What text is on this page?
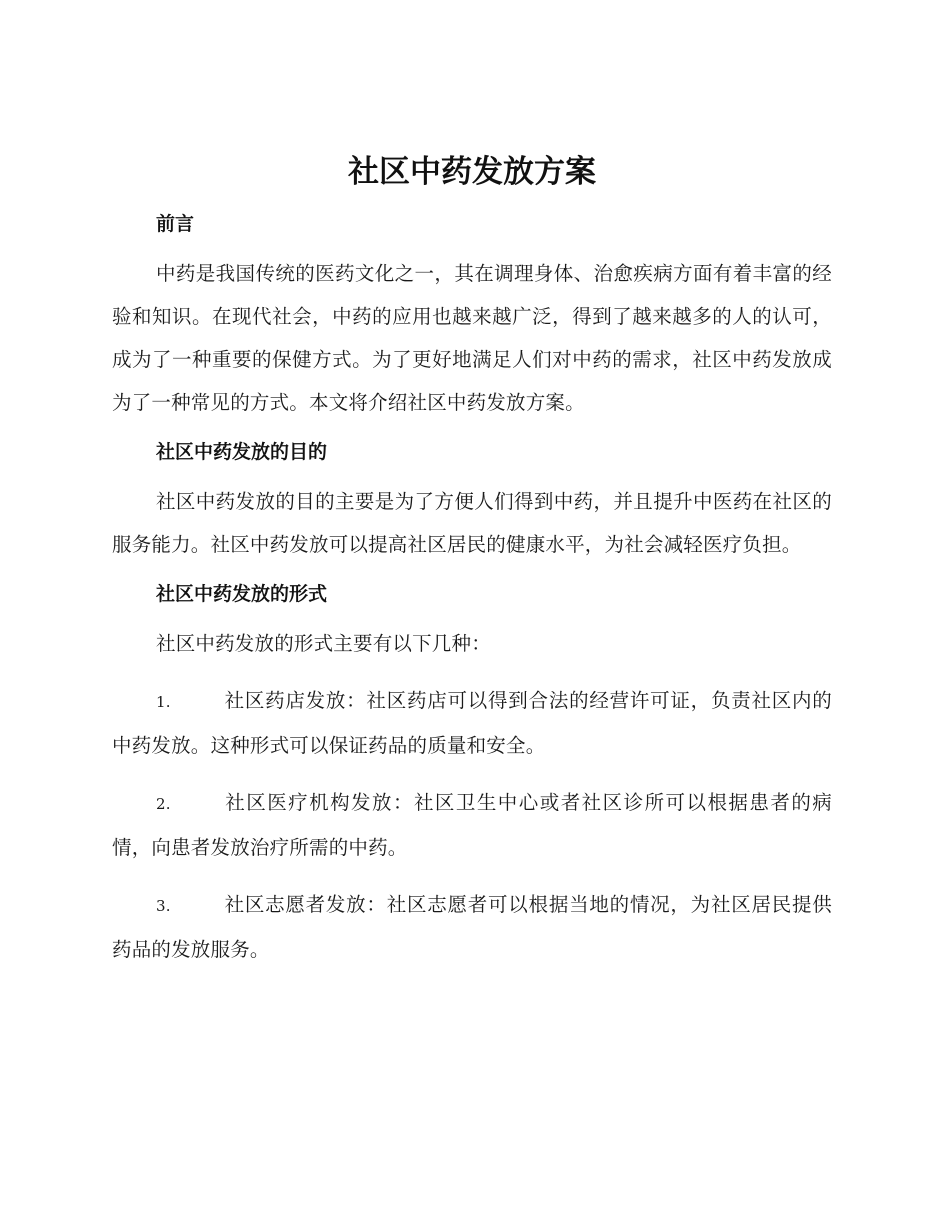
社区中药发放方案
前言

中药是我国传统的医药文化之一，其在调理身体、治愈疾病方面有着丰富的经验和知识。在现代社会，中药的应用也越来越广泛，得到了越来越多的人的认可，成为了一种重要的保健方式。为了更好地满足人们对中药的需求，社区中药发放成为了一种常见的方式。本文将介绍社区中药发放方案。

社区中药发放的目的

社区中药发放的目的主要是为了方便人们得到中药，并且提升中医药在社区的服务能力。社区中药发放可以提高社区居民的健康水平，为社会减轻医疗负担。

社区中药发放的形式

社区中药发放的形式主要有以下几种：

1.	社区药店发放：社区药店可以得到合法的经营许可证，负责社区内的中药发放。这种形式可以保证药品的质量和安全。

2.	社区医疗机构发放：社区卫生中心或者社区诊所可以根据患者的病情，向患者发放治疗所需的中药。

3.	社区志愿者发放：社区志愿者可以根据当地的情况，为社区居民提供药品的发放服务。
